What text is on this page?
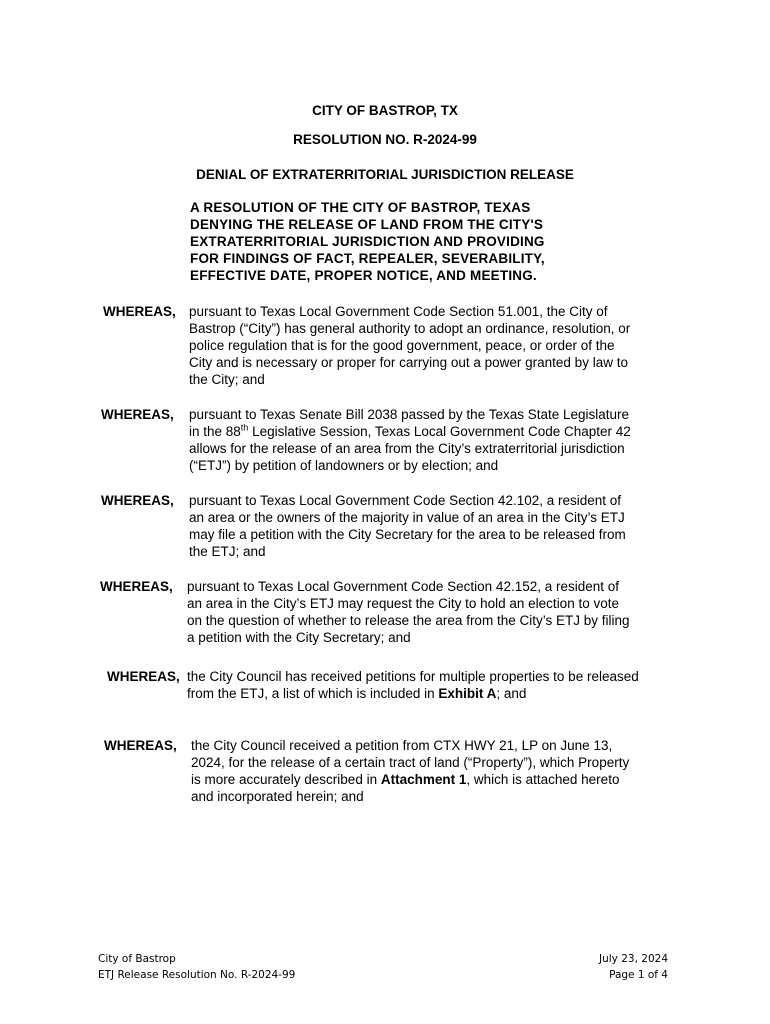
CITY OF BASTROP, TX
RESOLUTION NO. R-2024-99
DENIAL OF EXTRATERRITORIAL JURISDICTION RELEASE
A RESOLUTION OF THE CITY OF BASTROP, TEXAS
DENYING THE RELEASE OF LAND FROM THE CITY'S
EXTRATERRITORIAL JURISDICTION AND PROVIDING
FOR FINDINGS OF FACT, REPEALER, SEVERABILITY,
EFFECTIVE DATE, PROPER NOTICE, AND MEETING.
WHEREAS, pursuant to Texas Local Government Code Section 51.001, the City of
Bastrop (“City”) has general authority to adopt an ordinance, resolution, or
police regulation that is for the good government, peace, or order of the
City and is necessary or proper for carrying out a power granted by law to
the City; and
WHEREAS, pursuant to Texas Senate Bill 2038 passed by the Texas State Legislature
in the 88th Legislative Session, Texas Local Government Code Chapter 42
allows for the release of an area from the City’s extraterritorial jurisdiction
(“ETJ”) by petition of landowners or by election; and
WHEREAS, pursuant to Texas Local Government Code Section 42.102, a resident of
an area or the owners of the majority in value of an area in the City’s ETJ
may file a petition with the City Secretary for the area to be released from
the ETJ; and
WHEREAS, pursuant to Texas Local Government Code Section 42.152, a resident of
an area in the City’s ETJ may request the City to hold an election to vote
on the question of whether to release the area from the City’s ETJ by filing
a petition with the City Secretary; and
WHEREAS, the City Council has received petitions for multiple properties to be released
from the ETJ, a list of which is included in Exhibit A; and
WHEREAS, the City Council received a petition from CTX HWY 21, LP on June 13,
2024, for the release of a certain tract of land (“Property”), which Property
is more accurately described in Attachment 1, which is attached hereto
and incorporated herein; and
City of Bastrop
ETJ Release Resolution No. R-2024-99
July 23, 2024
Page 1 of 4
